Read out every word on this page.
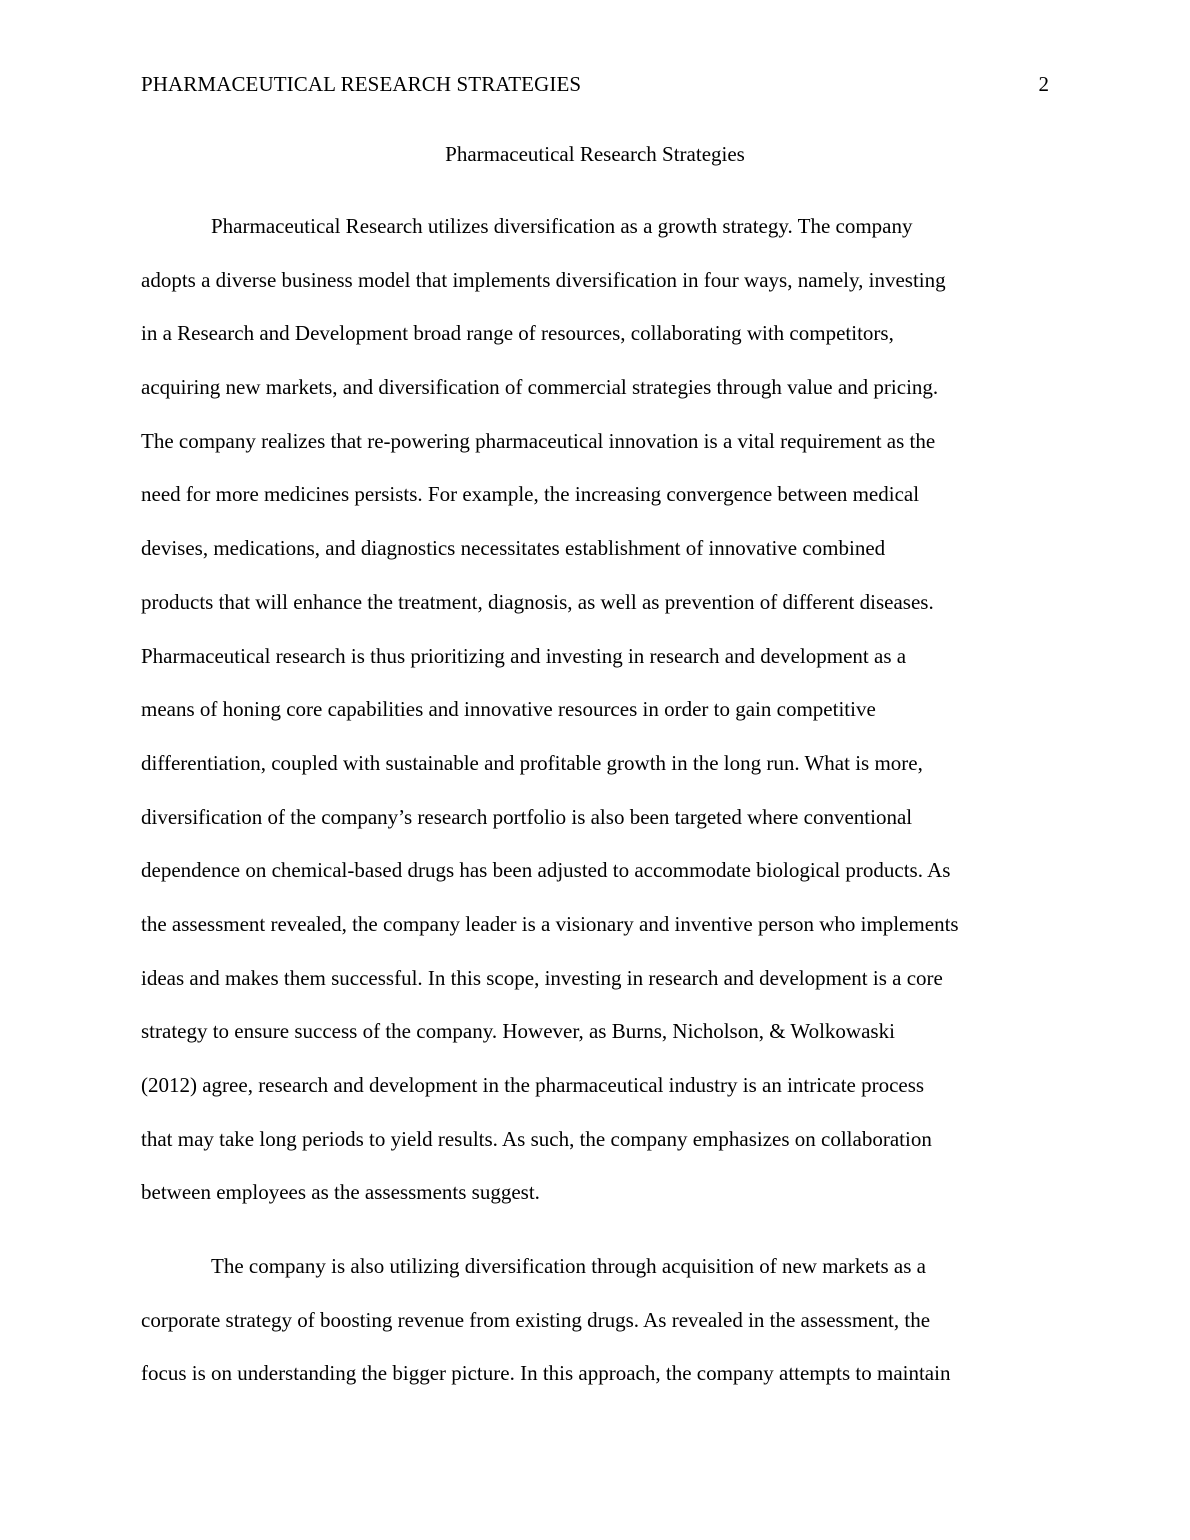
PHARMACEUTICAL RESEARCH STRATEGIES	2
Pharmaceutical Research Strategies
Pharmaceutical Research utilizes diversification as a growth strategy. The company
adopts a diverse business model that implements diversification in four ways, namely, investing
in a Research and Development broad range of resources, collaborating with competitors,
acquiring new markets, and diversification of commercial strategies through value and pricing.
The company realizes that re-powering pharmaceutical innovation is a vital requirement as the
need for more medicines persists. For example, the increasing convergence between medical
devises, medications, and diagnostics necessitates establishment of innovative combined
products that will enhance the treatment, diagnosis, as well as prevention of different diseases.
Pharmaceutical research is thus prioritizing and investing in research and development as a
means of honing core capabilities and innovative resources in order to gain competitive
differentiation, coupled with sustainable and profitable growth in the long run. What is more,
diversification of the company’s research portfolio is also been targeted where conventional
dependence on chemical-based drugs has been adjusted to accommodate biological products. As
the assessment revealed, the company leader is a visionary and inventive person who implements
ideas and makes them successful. In this scope, investing in research and development is a core
strategy to ensure success of the company. However, as Burns, Nicholson, & Wolkowaski
(2012) agree, research and development in the pharmaceutical industry is an intricate process
that may take long periods to yield results. As such, the company emphasizes on collaboration
between employees as the assessments suggest.
The company is also utilizing diversification through acquisition of new markets as a
corporate strategy of boosting revenue from existing drugs. As revealed in the assessment, the
focus is on understanding the bigger picture. In this approach, the company attempts to maintain
